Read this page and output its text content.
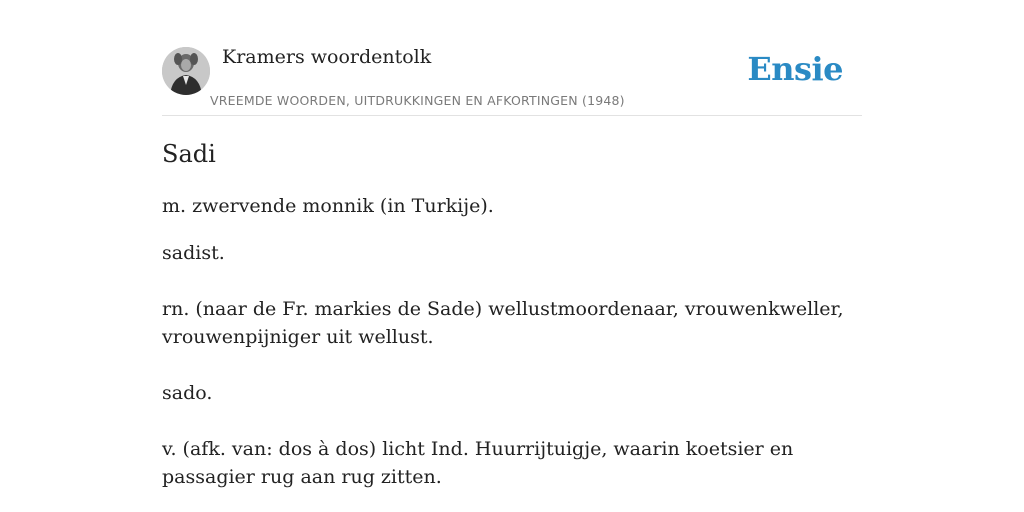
Kramers woordentolk
VREEMDE WOORDEN, UITDRUKKINGEN EN AFKORTINGEN (1948)
Ensie
Sadi

m. zwervende monnik (in Turkije).

sadist.

rn. (naar de Fr. markies de Sade) wellustmoordenaar, vrouwenkweller, vrouwenpijniger uit wellust.

sado.

v. (afk. van: dos à dos) licht Ind. Huurrijtuigje, waarin koetsier en passagier rug aan rug zitten.
